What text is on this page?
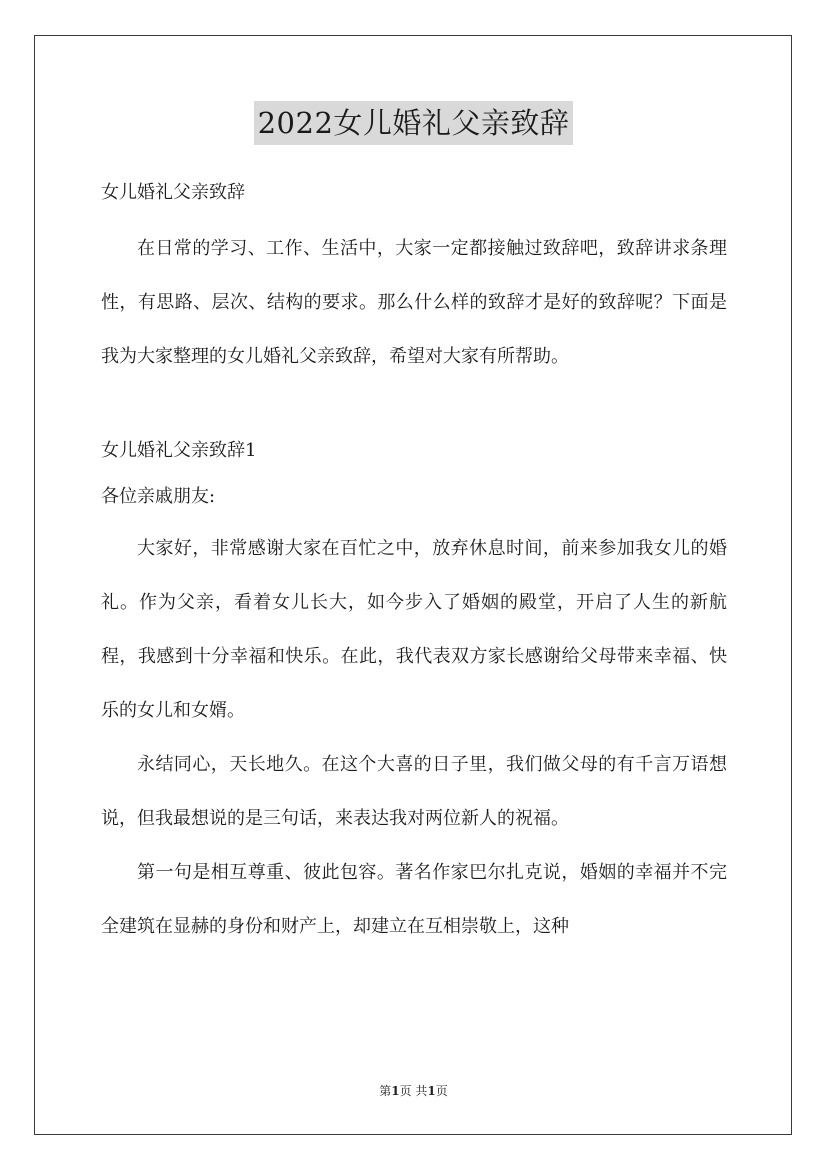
2022女儿婚礼父亲致辞

女儿婚礼父亲致辞

在日常的学习、工作、生活中，大家一定都接触过致辞吧，致辞讲求条理性，有思路、层次、结构的要求。那么什么样的致辞才是好的致辞呢？下面是我为大家整理的女儿婚礼父亲致辞，希望对大家有所帮助。

女儿婚礼父亲致辞1

各位亲戚朋友:

大家好，非常感谢大家在百忙之中，放弃休息时间，前来参加我女儿的婚礼。作为父亲，看着女儿长大，如今步入了婚姻的殿堂，开启了人生的新航程，我感到十分幸福和快乐。在此，我代表双方家长感谢给父母带来幸福、快乐的女儿和女婿。

永结同心，天长地久。在这个大喜的日子里，我们做父母的有千言万语想说，但我最想说的是三句话，来表达我对两位新人的祝福。

第一句是相互尊重、彼此包容。著名作家巴尔扎克说，婚姻的幸福并不完全建筑在显赫的身份和财产上，却建立在互相崇敬上，这种

第1页 共1页
